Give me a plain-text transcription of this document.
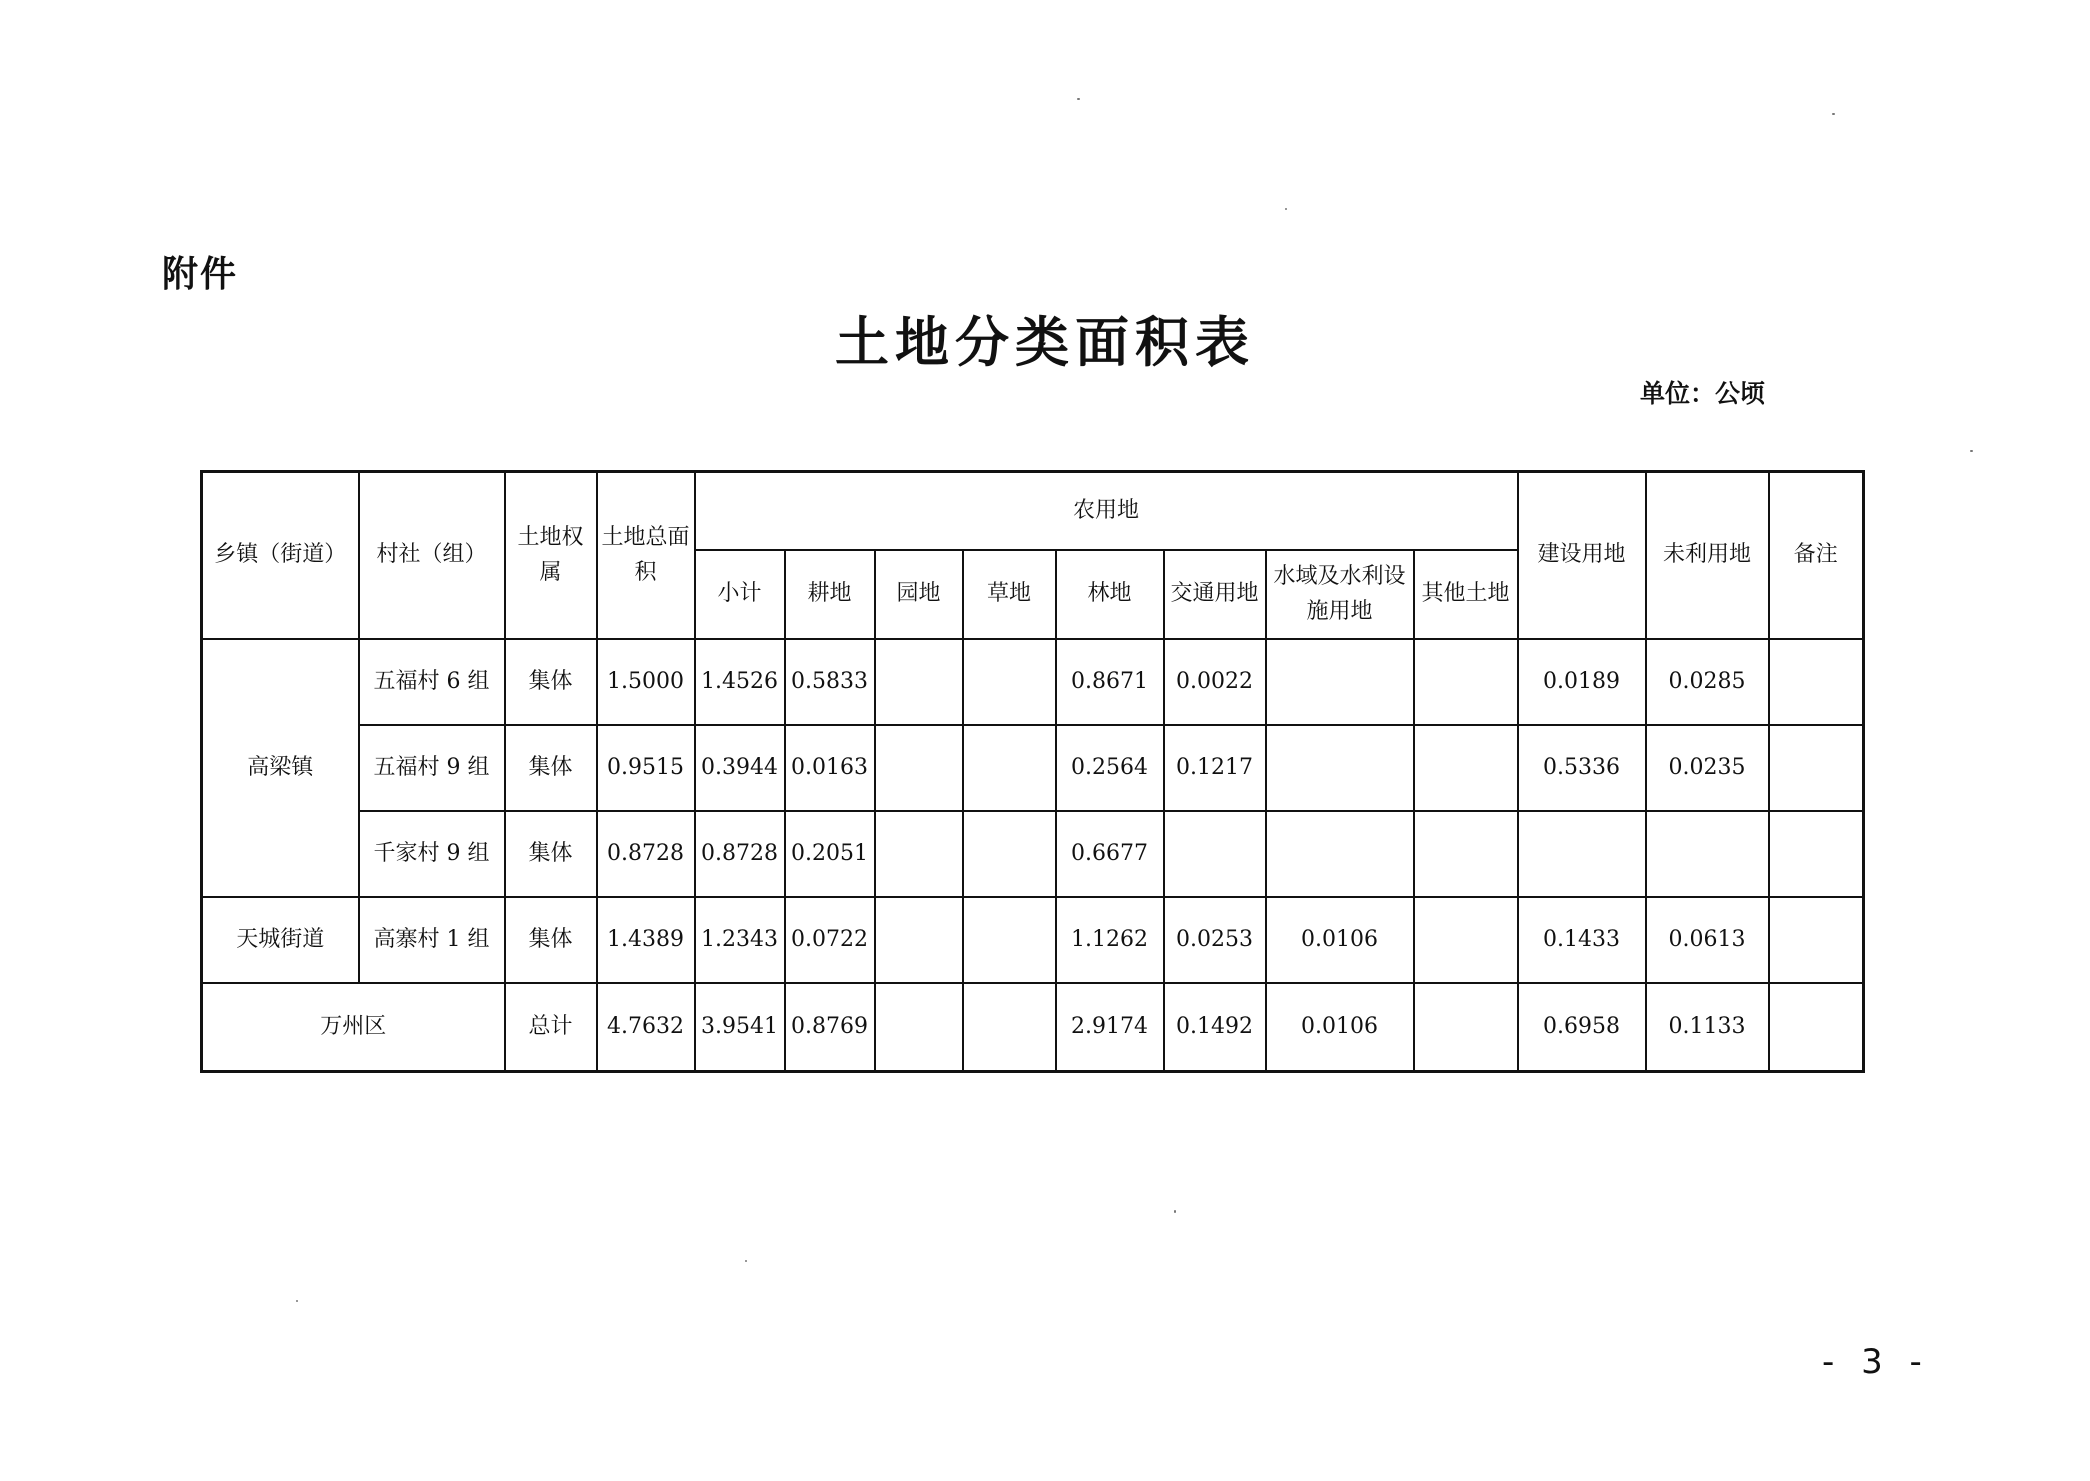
附件
土地分类面积表
单位：公顷
乡镇（街道）	村社（组）	土地权属	土地总面积	农用地								建设用地	未利用地	备注
				小计	耕地	园地	草地	林地	交通用地	水域及水利设施用地	其他土地			
高梁镇	五福村 6 组	集体	1.5000	1.4526	0.5833			0.8671	0.0022			0.0189	0.0285	
	五福村 9 组	集体	0.9515	0.3944	0.0163			0.2564	0.1217			0.5336	0.0235	
	千家村 9 组	集体	0.8728	0.8728	0.2051			0.6677						
天城街道	高寨村 1 组	集体	1.4389	1.2343	0.0722			1.1262	0.0253	0.0106		0.1433	0.0613	
万州区		总计	4.7632	3.9541	0.8769			2.9174	0.1492	0.0106		0.6958	0.1133	
- 3 -
